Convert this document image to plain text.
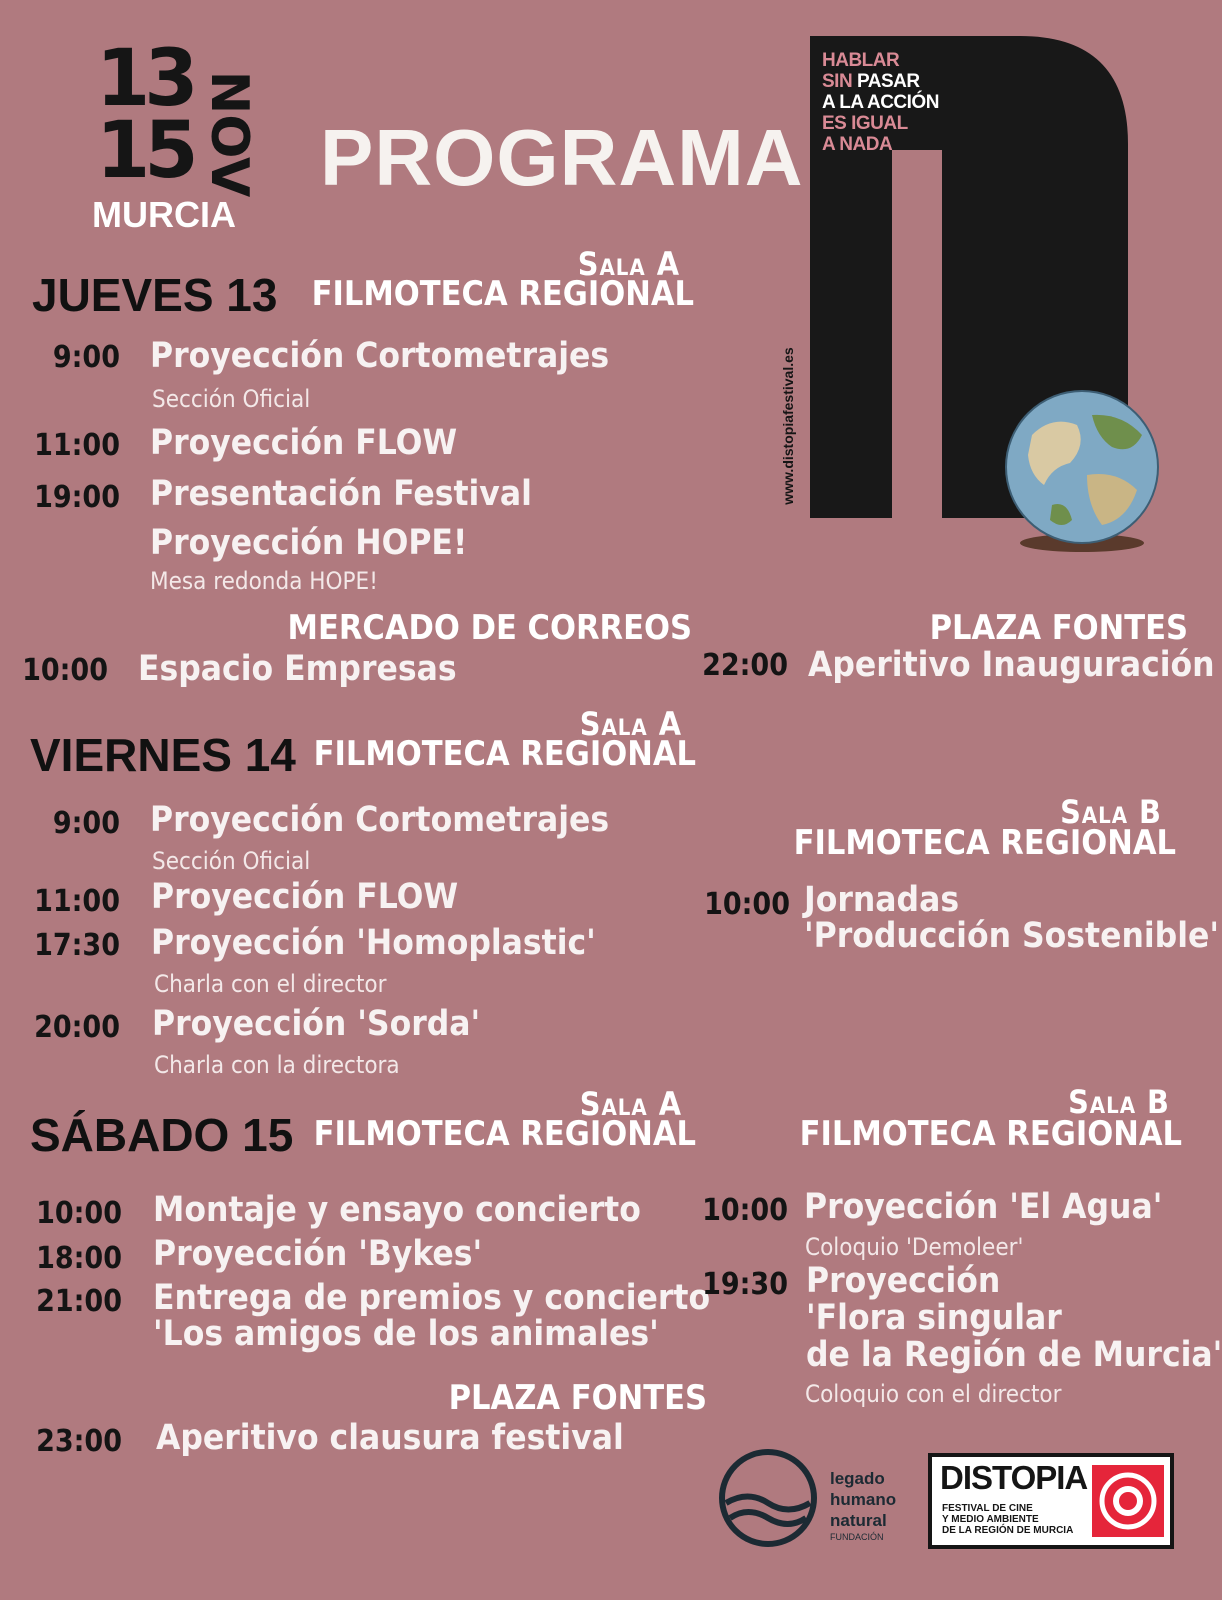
13
15 NOV
MURCIA
PROGRAMA
HABLAR
SIN PASAR
A LA ACCIÓN
ES IGUAL
A NADA
www.distopiafestival.es
Sala A
FILMOTECA REGIONAL
JUEVES 13
9:00 Proyección Cortometrajes
Sección Oficial
11:00 Proyección FLOW
19:00 Presentación Festival
Proyección HOPE!
Mesa redonda HOPE!
MERCADO DE CORREOS
10:00 Espacio Empresas
PLAZA FONTES
22:00 Aperitivo Inauguración
Sala A
FILMOTECA REGIONAL
VIERNES 14
9:00 Proyección Cortometrajes
Sección Oficial
11:00 Proyección FLOW
17:30 Proyección 'Homoplastic'
Charla con el director
20:00 Proyección 'Sorda'
Charla con la directora
Sala B
FILMOTECA REGIONAL
10:00 Jornadas
'Producción Sostenible'
Sala A
FILMOTECA REGIONAL
SÁBADO 15
10:00 Montaje y ensayo concierto
18:00 Proyección 'Bykes'
21:00 Entrega de premios y concierto
'Los amigos de los animales'
PLAZA FONTES
23:00 Aperitivo clausura festival
Sala B
FILMOTECA REGIONAL
10:00 Proyección 'El Agua'
Coloquio 'Demoleer'
19:30 Proyección
'Flora singular
de la Región de Murcia'
Coloquio con el director
legado
humano
natural
FUNDACIÓN
DISTOPIA
FESTIVAL DE CINE
Y MEDIO AMBIENTE
DE LA REGIÓN DE MURCIA
